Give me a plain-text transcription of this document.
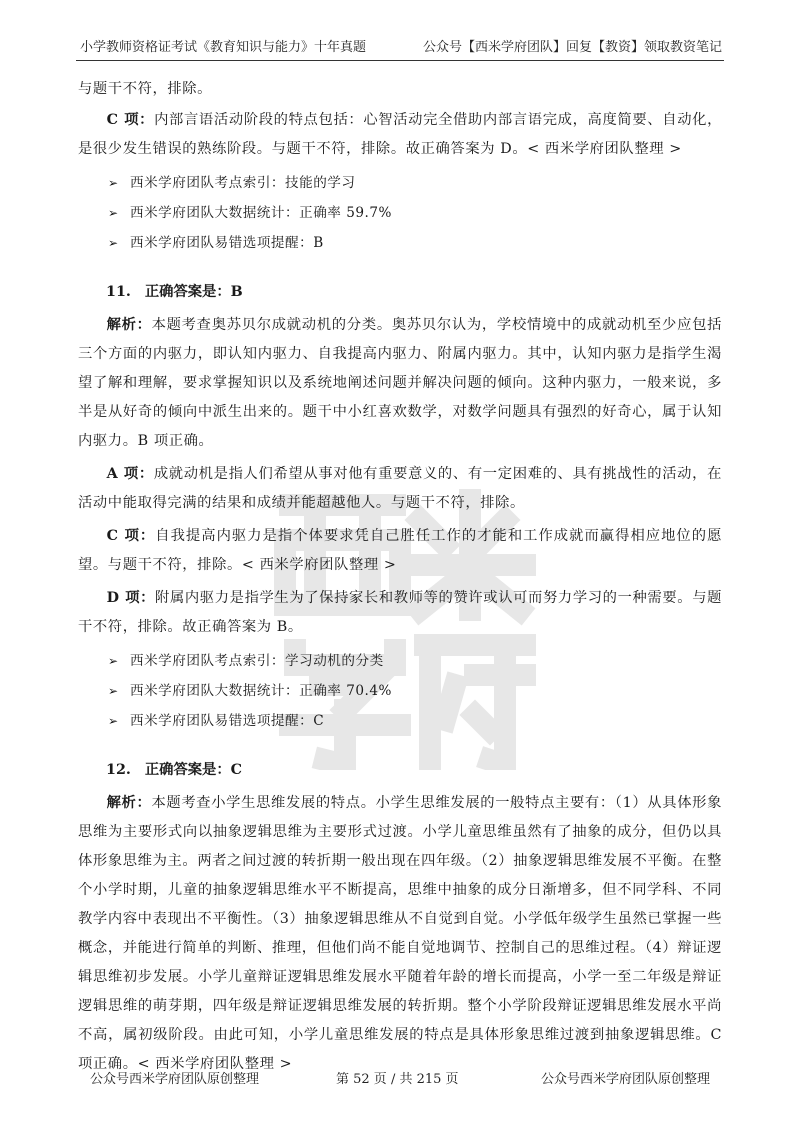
小学教师资格证考试《教育知识与能力》十年真题	公众号【西米学府团队】回复【教资】领取教资笔记

与题干不符，排除。

C 项：内部言语活动阶段的特点包括：心智活动完全借助内部言语完成，高度简要、自动化，是很少发生错误的熟练阶段。与题干不符，排除。故正确答案为 D。< 西米学府团队整理 >

➢ 西米学府团队考点索引：技能的学习
➢ 西米学府团队大数据统计：正确率 59.7%
➢ 西米学府团队易错选项提醒：B
11. 正确答案是：B

解析：本题考查奥苏贝尔成就动机的分类。奥苏贝尔认为，学校情境中的成就动机至少应包括三个方面的内驱力，即认知内驱力、自我提高内驱力、附属内驱力。其中，认知内驱力是指学生渴望了解和理解，要求掌握知识以及系统地阐述问题并解决问题的倾向。这种内驱力，一般来说，多半是从好奇的倾向中派生出来的。题干中小红喜欢数学，对数学问题具有强烈的好奇心，属于认知内驱力。B 项正确。

A 项：成就动机是指人们希望从事对他有重要意义的、有一定困难的、具有挑战性的活动，在活动中能取得完满的结果和成绩并能超越他人。与题干不符，排除。

C 项：自我提高内驱力是指个体要求凭自己胜任工作的才能和工作成就而赢得相应地位的愿望。与题干不符，排除。< 西米学府团队整理 >

D 项：附属内驱力是指学生为了保持家长和教师等的赞许或认可而努力学习的一种需要。与题干不符，排除。故正确答案为 B。

➢ 西米学府团队考点索引：学习动机的分类
➢ 西米学府团队大数据统计：正确率 70.4%
➢ 西米学府团队易错选项提醒：C
12. 正确答案是：C

解析：本题考查小学生思维发展的特点。小学生思维发展的一般特点主要有：（1）从具体形象思维为主要形式向以抽象逻辑思维为主要形式过渡。小学儿童思维虽然有了抽象的成分，但仍以具体形象思维为主。两者之间过渡的转折期一般出现在四年级。（2）抽象逻辑思维发展不平衡。在整个小学时期，儿童的抽象逻辑思维水平不断提高，思维中抽象的成分日渐增多，但不同学科、不同教学内容中表现出不平衡性。（3）抽象逻辑思维从不自觉到自觉。小学低年级学生虽然已掌握一些概念，并能进行简单的判断、推理，但他们尚不能自觉地调节、控制自己的思维过程。（4）辩证逻辑思维初步发展。小学儿童辩证逻辑思维发展水平随着年龄的增长而提高，小学一至二年级是辩证逻辑思维的萌芽期，四年级是辩证逻辑思维发展的转折期。整个小学阶段辩证逻辑思维发展水平尚不高，属初级阶段。由此可知，小学儿童思维发展的特点是具体形象思维过渡到抽象逻辑思维。C 项正确。< 西米学府团队整理 >

公众号西米学府团队原创整理	第 52 页 / 共 215 页	公众号西米学府团队原创整理
